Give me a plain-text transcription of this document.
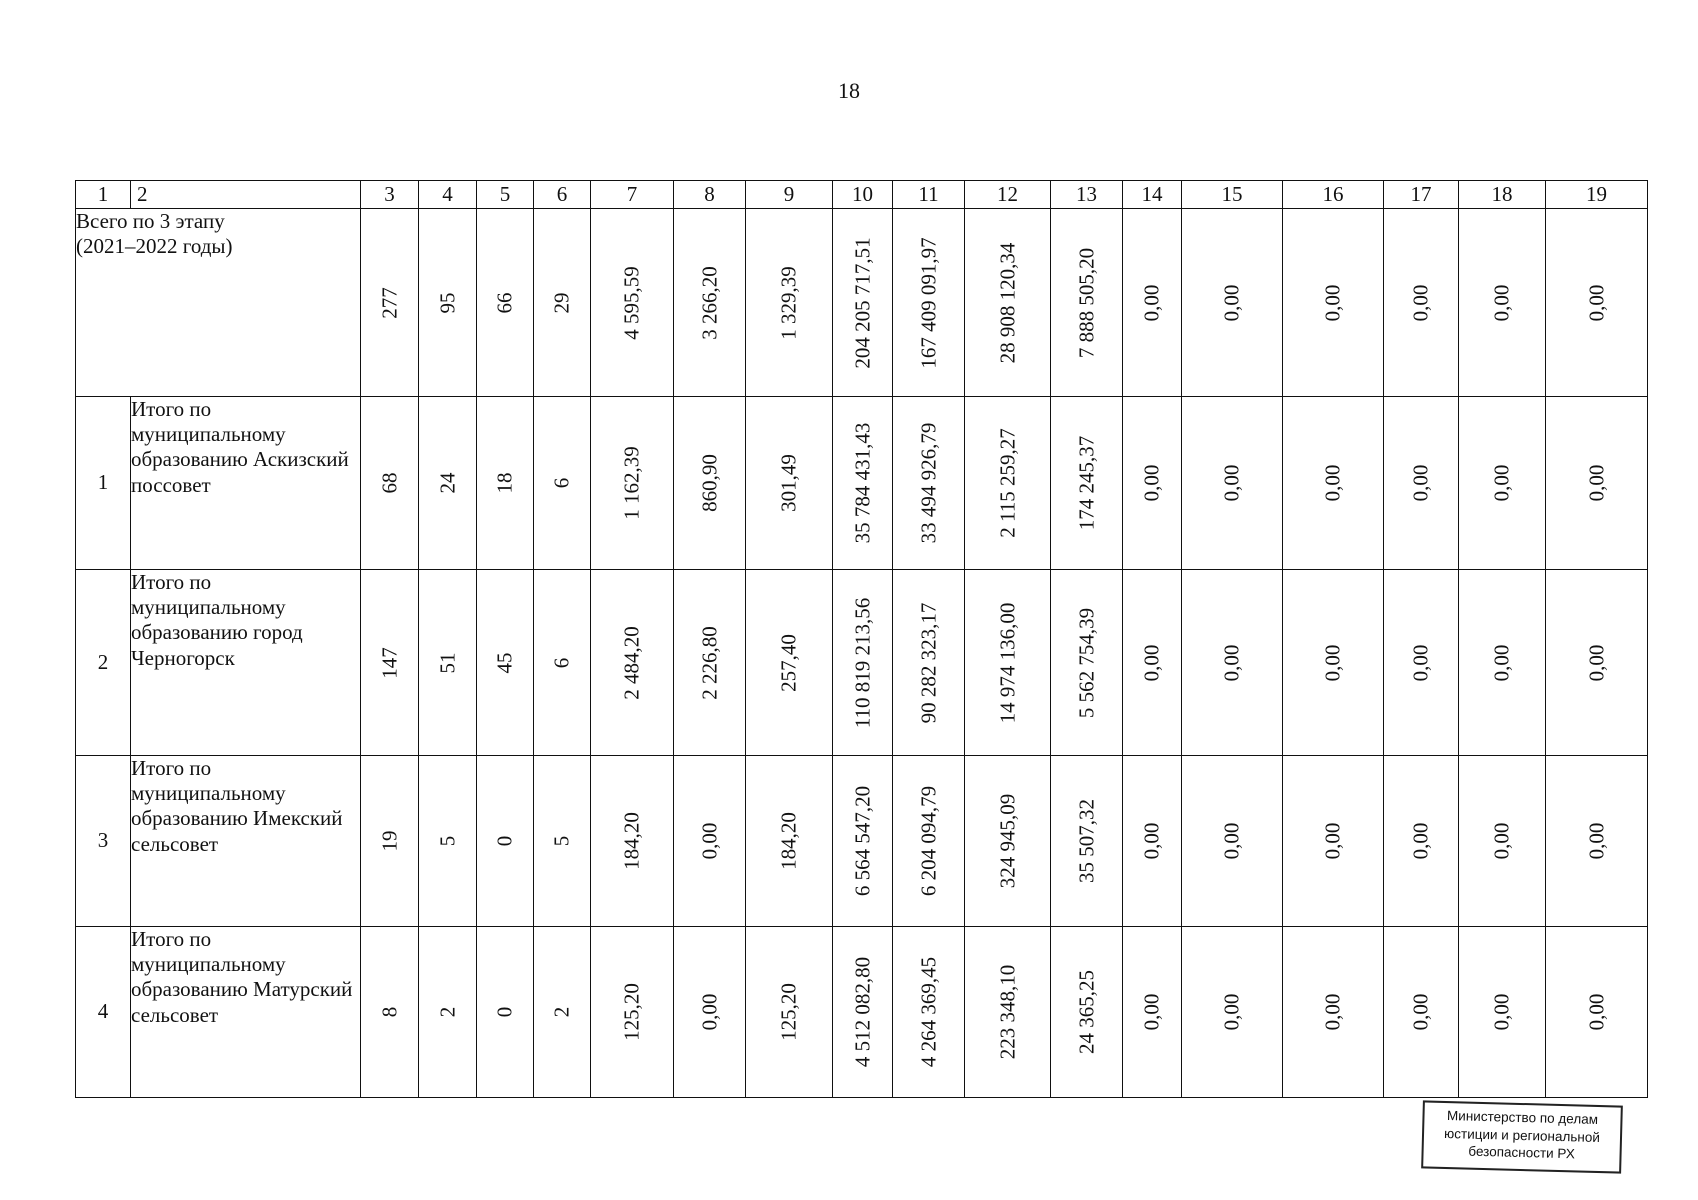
18
1	2	3	4	5	6	7	8	9	10	11	12	13	14	15	16	17	18	19
Всего по 3 этапу
(2021–2022 годы)		277	95	66	29	4 595,59	3 266,20	1 329,39	204 205 717,51	167 409 091,97	28 908 120,34	7 888 505,20	0,00	0,00	0,00	0,00	0,00	0,00

1	Итого по муниципальному образованию Аскизский поссовет	68	24	18	6	1 162,39	860,90	301,49	35 784 431,43	33 494 926,79	2 115 259,27	174 245,37	0,00	0,00	0,00	0,00	0,00	0,00

2	Итого по муниципальному образованию город Черногорск	147	51	45	6	2 484,20	2 226,80	257,40	110 819 213,56	90 282 323,17	14 974 136,00	5 562 754,39	0,00	0,00	0,00	0,00	0,00	0,00

3	Итого по муниципальному образованию Имекский сельсовет	19	5	0	5	184,20	0,00	184,20	6 564 547,20	6 204 094,79	324 945,09	35 507,32	0,00	0,00	0,00	0,00	0,00	0,00

4	Итого по муниципальному образованию Матурский сельсовет	8	2	0	2	125,20	0,00	125,20	4 512 082,80	4 264 369,45	223 348,10	24 365,25	0,00	0,00	0,00	0,00	0,00	0,00
Министерство по делам
юстиции и региональной
безопасности РХ
